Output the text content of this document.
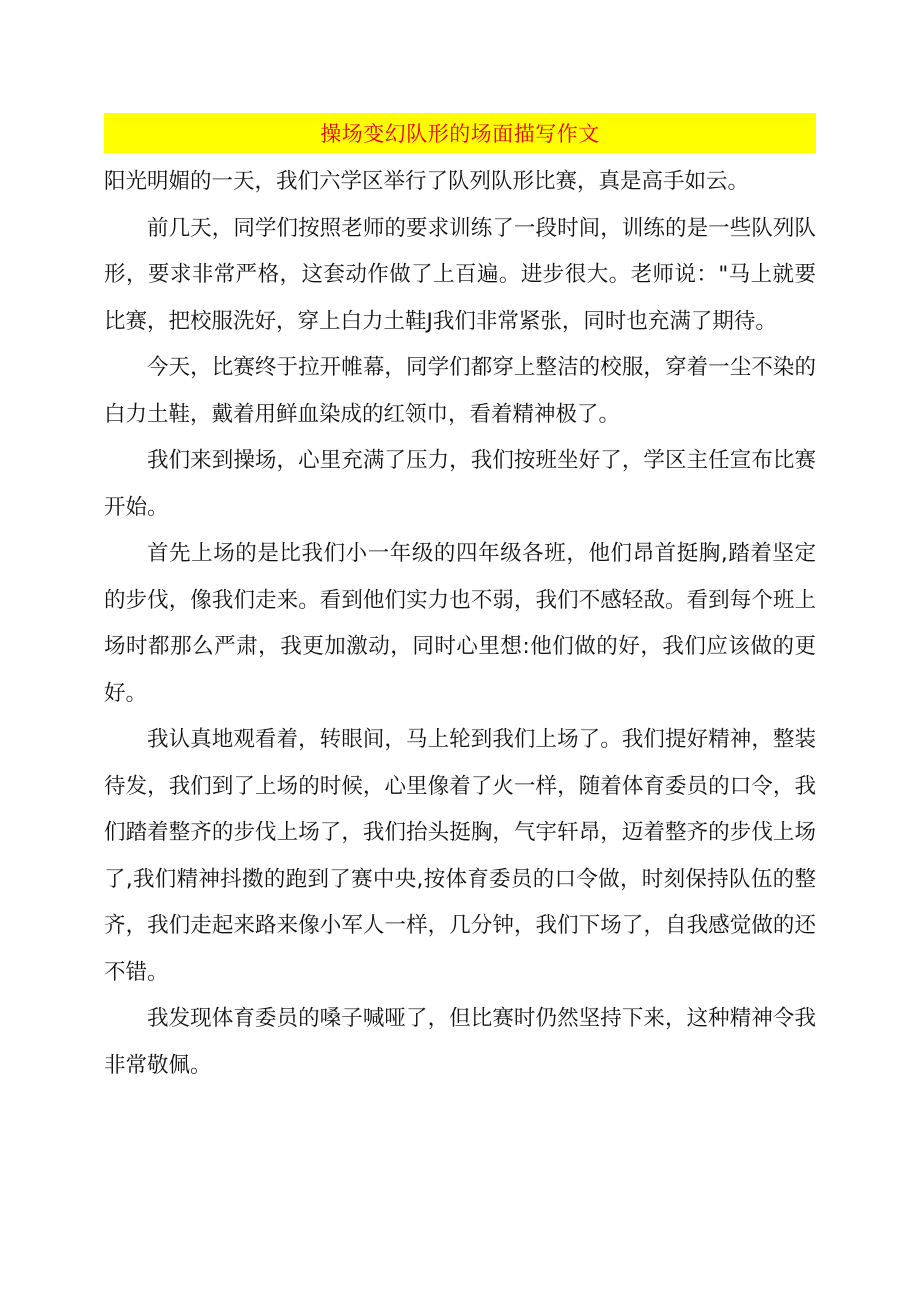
操场变幻队形的场面描写作文

阳光明媚的一天，我们六学区举行了队列队形比赛，真是高手如云。

前几天，同学们按照老师的要求训练了一段时间，训练的是一些队列队形，要求非常严格，这套动作做了上百遍。进步很大。老师说："马上就要比赛，把校服洗好，穿上白力土鞋J我们非常紧张，同时也充满了期待。

今天，比赛终于拉开帷幕，同学们都穿上整洁的校服，穿着一尘不染的白力土鞋，戴着用鲜血染成的红领巾，看着精神极了。

我们来到操场，心里充满了压力，我们按班坐好了，学区主任宣布比赛开始。

首先上场的是比我们小一年级的四年级各班，他们昂首挺胸,踏着坚定的步伐，像我们走来。看到他们实力也不弱，我们不感轻敌。看到每个班上场时都那么严肃，我更加激动，同时心里想:他们做的好，我们应该做的更好。

我认真地观看着，转眼间，马上轮到我们上场了。我们提好精神，整装待发，我们到了上场的时候，心里像着了火一样，随着体育委员的口令，我们踏着整齐的步伐上场了，我们抬头挺胸，气宇轩昂，迈着整齐的步伐上场了,我们精神抖擞的跑到了赛中央,按体育委员的口令做，时刻保持队伍的整齐，我们走起来路来像小军人一样，几分钟，我们下场了，自我感觉做的还不错。

我发现体育委员的嗓子喊哑了，但比赛时仍然坚持下来，这种精神令我非常敬佩。
